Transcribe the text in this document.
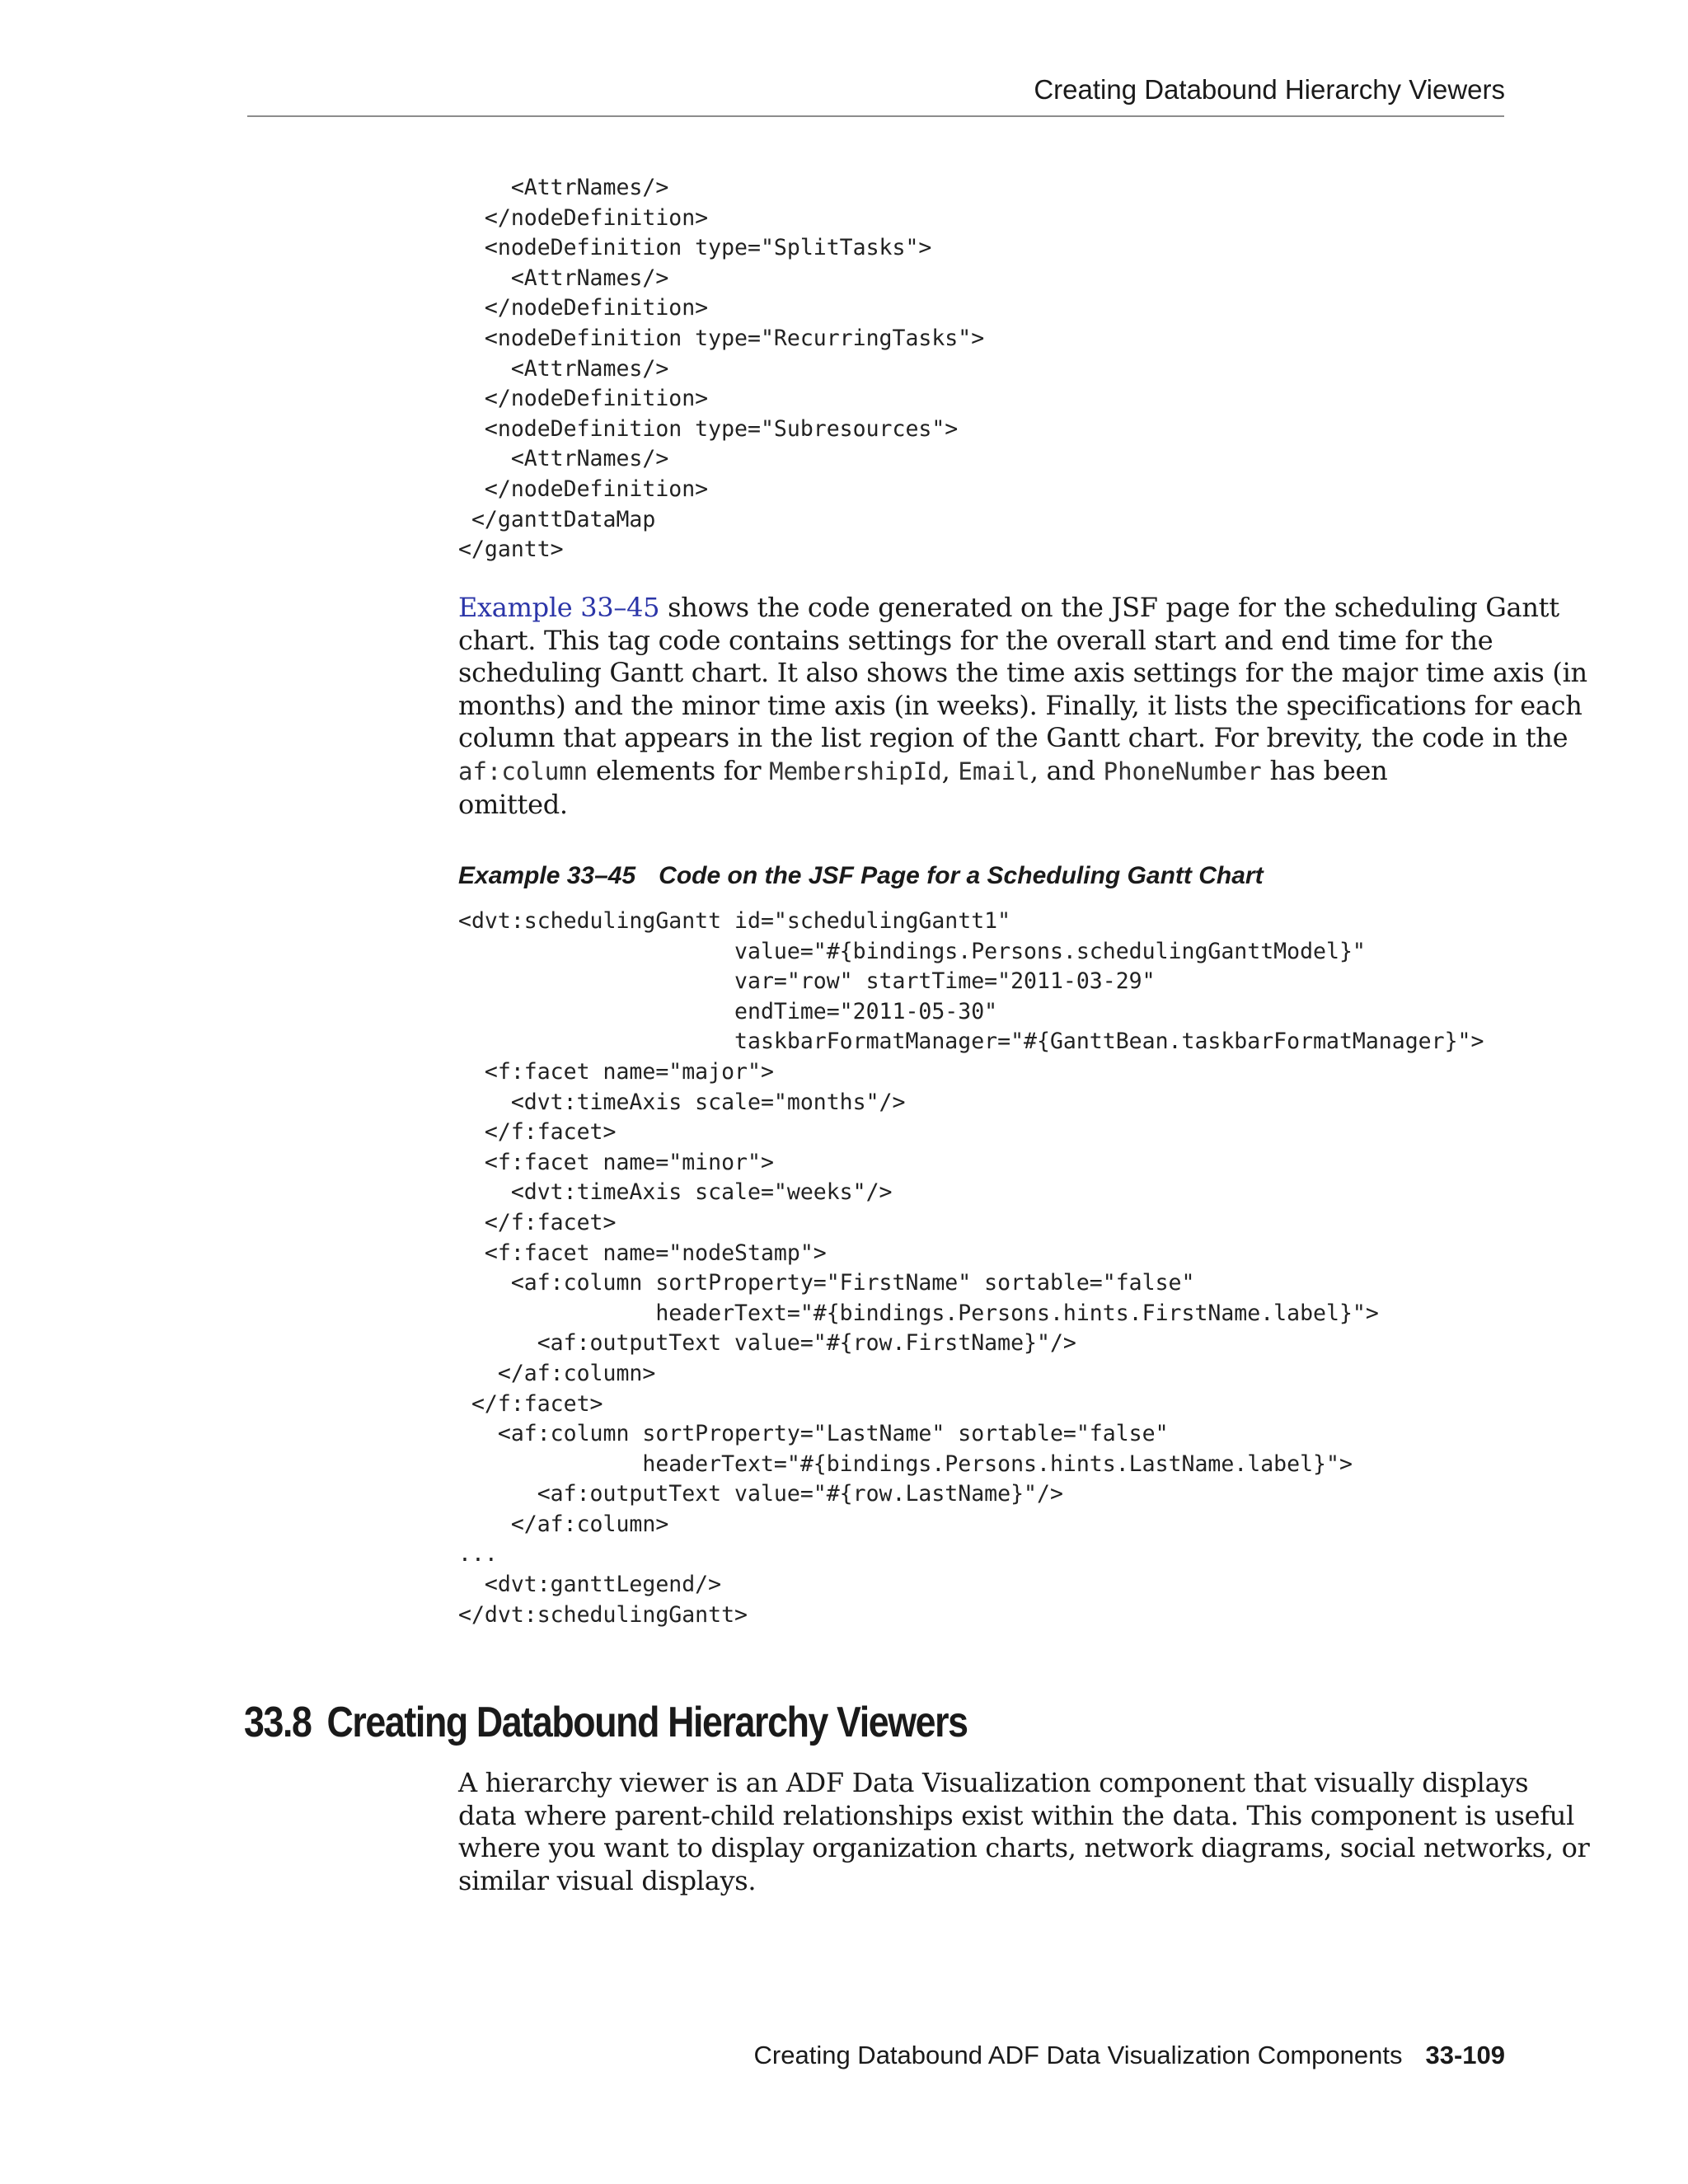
Creating Databound Hierarchy Viewers
<AttrNames/>
</nodeDefinition>
<nodeDefinition type="SplitTasks">
<AttrNames/>
</nodeDefinition>
<nodeDefinition type="RecurringTasks">
<AttrNames/>
</nodeDefinition>
<nodeDefinition type="Subresources">
<AttrNames/>
</nodeDefinition>
</ganttDataMap
</gantt>
Example 33–45 shows the code generated on the JSF page for the scheduling Gantt
chart. This tag code contains settings for the overall start and end time for the
scheduling Gantt chart. It also shows the time axis settings for the major time axis (in
months) and the minor time axis (in weeks). Finally, it lists the specifications for each
column that appears in the list region of the Gantt chart. For brevity, the code in the
af:column elements for MembershipId, Email, and PhoneNumber has been
omitted.
Example 33–45 Code on the JSF Page for a Scheduling Gantt Chart
<dvt:schedulingGantt id="schedulingGantt1"
value="#{bindings.Persons.schedulingGanttModel}"
var="row" startTime="2011-03-29"
endTime="2011-05-30"
taskbarFormatManager="#{GanttBean.taskbarFormatManager}">
<f:facet name="major">
<dvt:timeAxis scale="months"/>
</f:facet>
<f:facet name="minor">
<dvt:timeAxis scale="weeks"/>
</f:facet>
<f:facet name="nodeStamp">
<af:column sortProperty="FirstName" sortable="false"
headerText="#{bindings.Persons.hints.FirstName.label}">
<af:outputText value="#{row.FirstName}"/>
</af:column>
</f:facet>
<af:column sortProperty="LastName" sortable="false"
headerText="#{bindings.Persons.hints.LastName.label}">
<af:outputText value="#{row.LastName}"/>
</af:column>
...
<dvt:ganttLegend/>
</dvt:schedulingGantt>
33.8 Creating Databound Hierarchy Viewers
A hierarchy viewer is an ADF Data Visualization component that visually displays
data where parent-child relationships exist within the data. This component is useful
where you want to display organization charts, network diagrams, social networks, or
similar visual displays.
Creating Databound ADF Data Visualization Components 33-109
